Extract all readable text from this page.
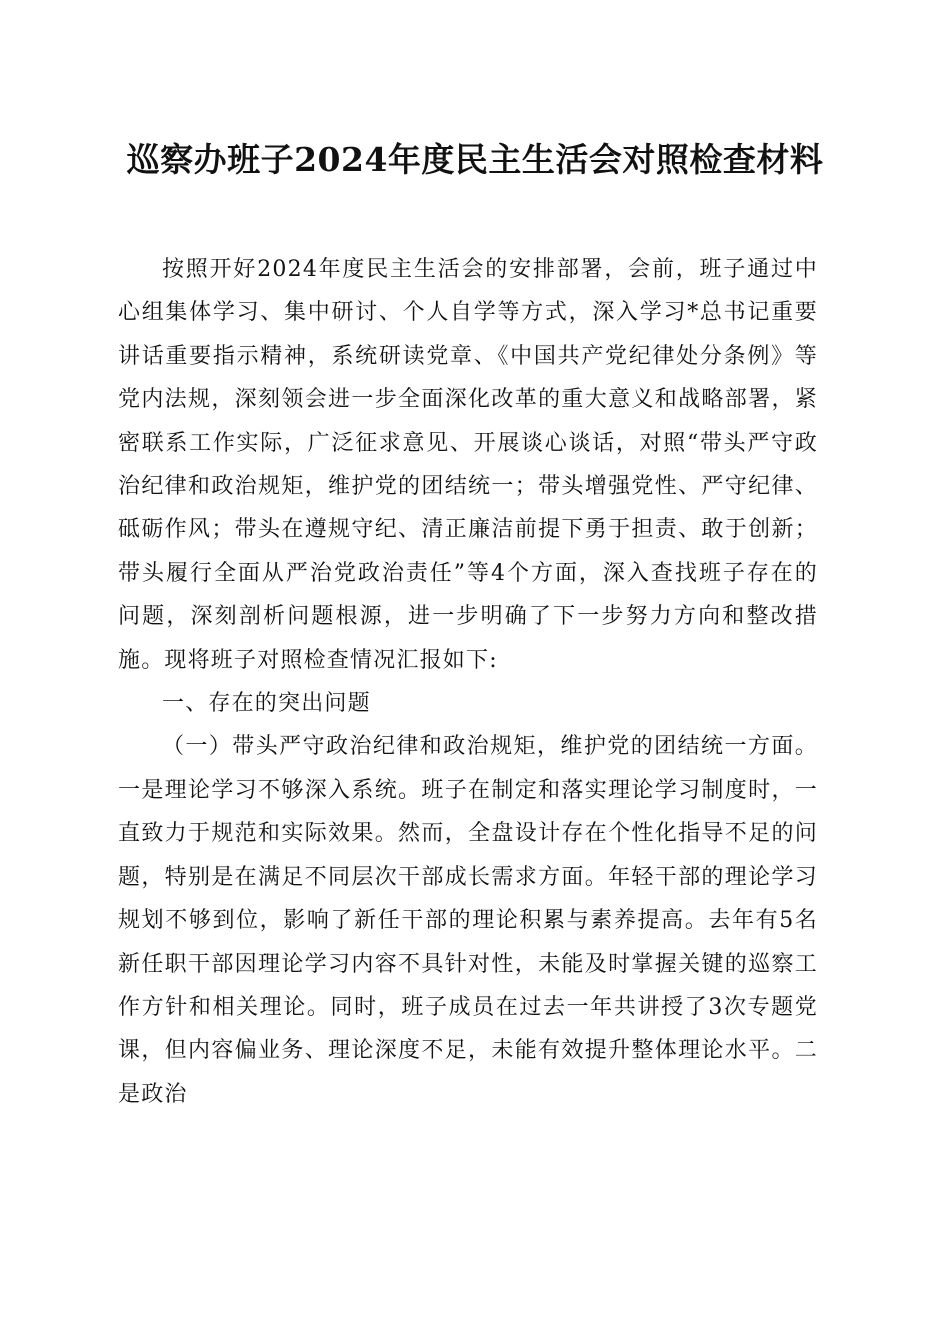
巡察办班子2024年度民主生活会对照检查材料

按照开好2024年度民主生活会的安排部署，会前，班子通过中心组集体学习、集中研讨、个人自学等方式，深入学习*总书记重要讲话重要指示精神，系统研读党章、《中国共产党纪律处分条例》等党内法规，深刻领会进一步全面深化改革的重大意义和战略部署，紧密联系工作实际，广泛征求意见、开展谈心谈话，对照“带头严守政治纪律和政治规矩，维护党的团结统一；带头增强党性、严守纪律、砥砺作风；带头在遵规守纪、清正廉洁前提下勇于担责、敢于创新；带头履行全面从严治党政治责任”等4个方面，深入查找班子存在的问题，深刻剖析问题根源，进一步明确了下一步努力方向和整改措施。现将班子对照检查情况汇报如下:

一、存在的突出问题

（一）带头严守政治纪律和政治规矩，维护党的团结统一方面。一是理论学习不够深入系统。班子在制定和落实理论学习制度时，一直致力于规范和实际效果。然而，全盘设计存在个性化指导不足的问题，特别是在满足不同层次干部成长需求方面。年轻干部的理论学习规划不够到位，影响了新任干部的理论积累与素养提高。去年有5名新任职干部因理论学习内容不具针对性，未能及时掌握关键的巡察工作方针和相关理论。同时，班子成员在过去一年共讲授了3次专题党课，但内容偏业务、理论深度不足，未能有效提升整体理论水平。二是政治
